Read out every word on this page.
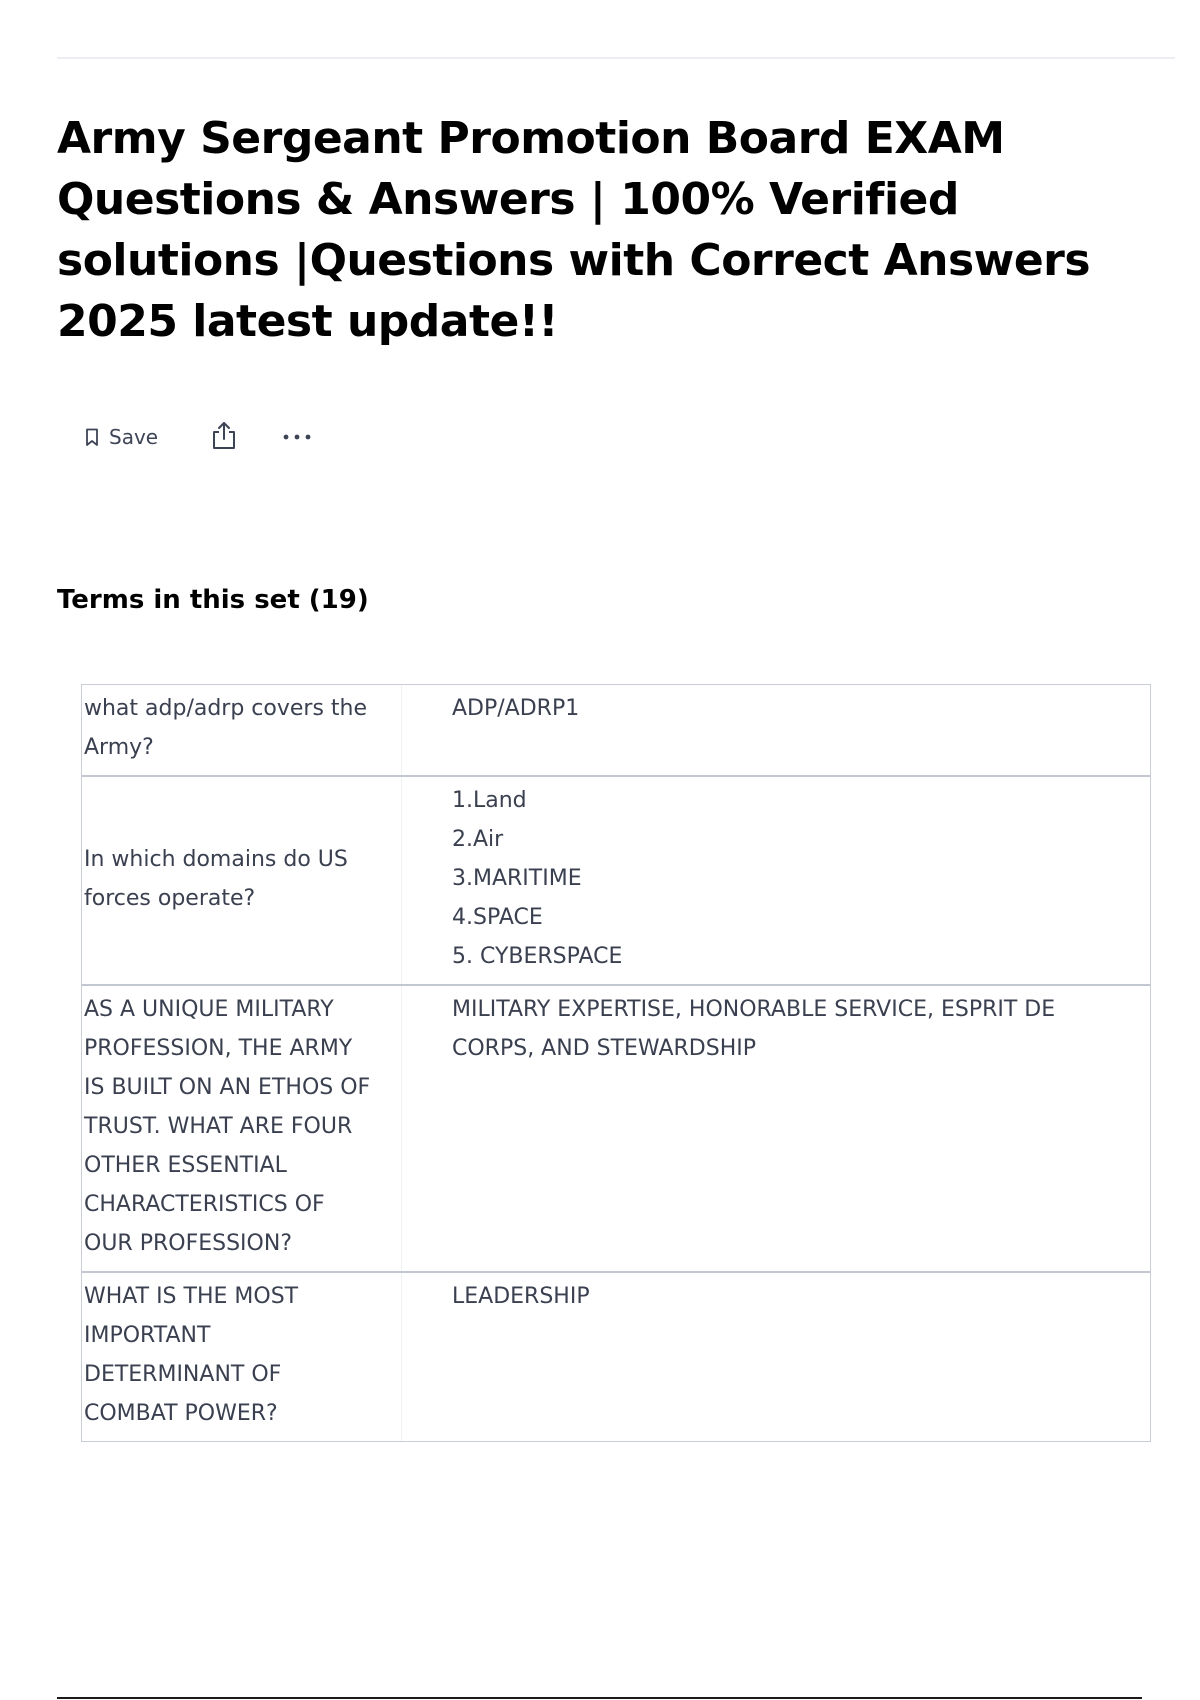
Army Sergeant Promotion Board EXAM Questions & Answers | 100% Verified solutions |Questions with Correct Answers 2025 latest update!!
Save
Terms in this set (19)
what adp/adrp covers the Army?
ADP/ADRP1
In which domains do US forces operate?
1.Land
2.Air
3.MARITIME
4.SPACE
5. CYBERSPACE
AS A UNIQUE MILITARY PROFESSION, THE ARMY IS BUILT ON AN ETHOS OF TRUST. WHAT ARE FOUR OTHER ESSENTIAL CHARACTERISTICS OF OUR PROFESSION?
MILITARY EXPERTISE, HONORABLE SERVICE, ESPRIT DE CORPS, AND STEWARDSHIP
WHAT IS THE MOST IMPORTANT DETERMINANT OF COMBAT POWER?
LEADERSHIP
